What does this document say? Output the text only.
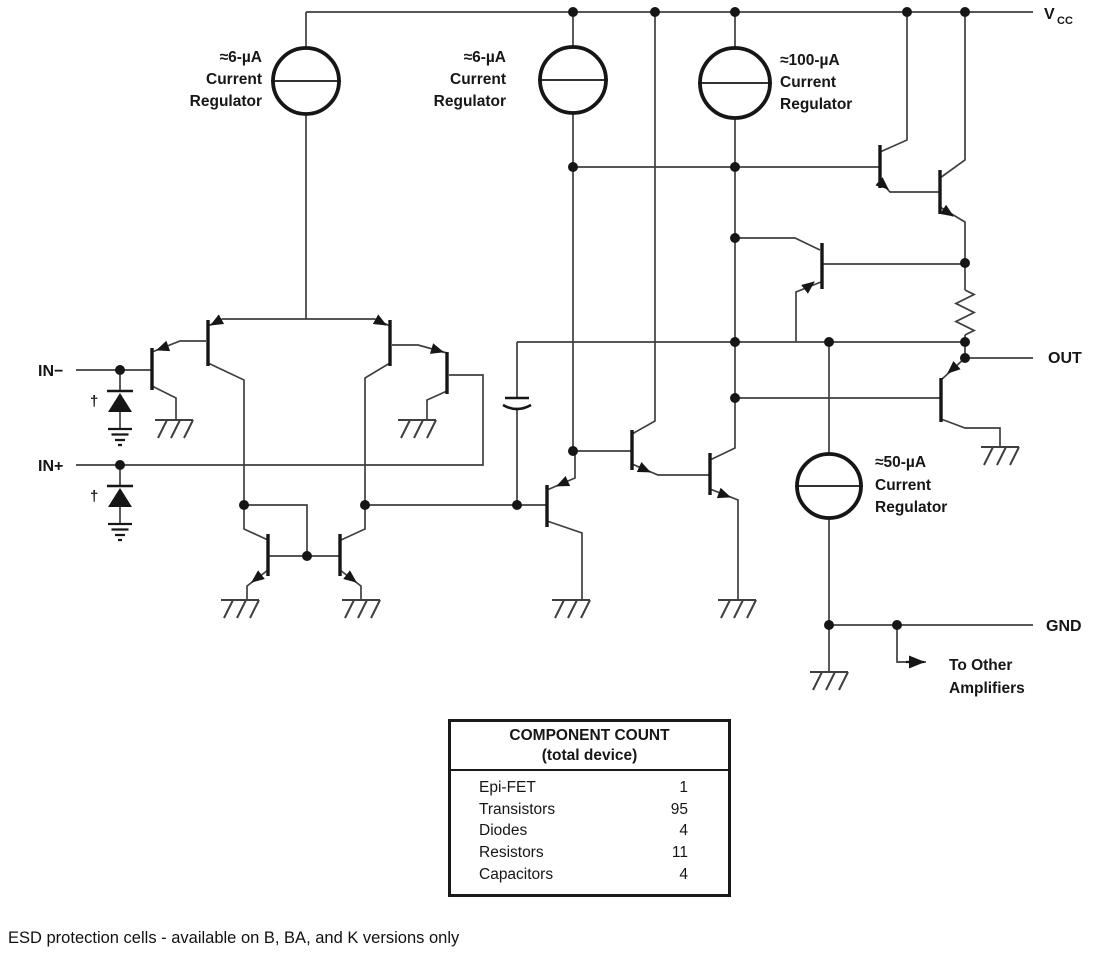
≈6-µA
Current
Regulator
≈6-µA
Current
Regulator
≈100-µA
Current
Regulator
≈50-µA
Current
Regulator
V CC
IN−
IN+
OUT
GND
†
†
To Other
Amplifiers
COMPONENT COUNT
(total device)
Epi-FET	1
Transistors	95
Diodes	4
Resistors	11
Capacitors	4
ESD protection cells - available on B, BA, and K versions only
